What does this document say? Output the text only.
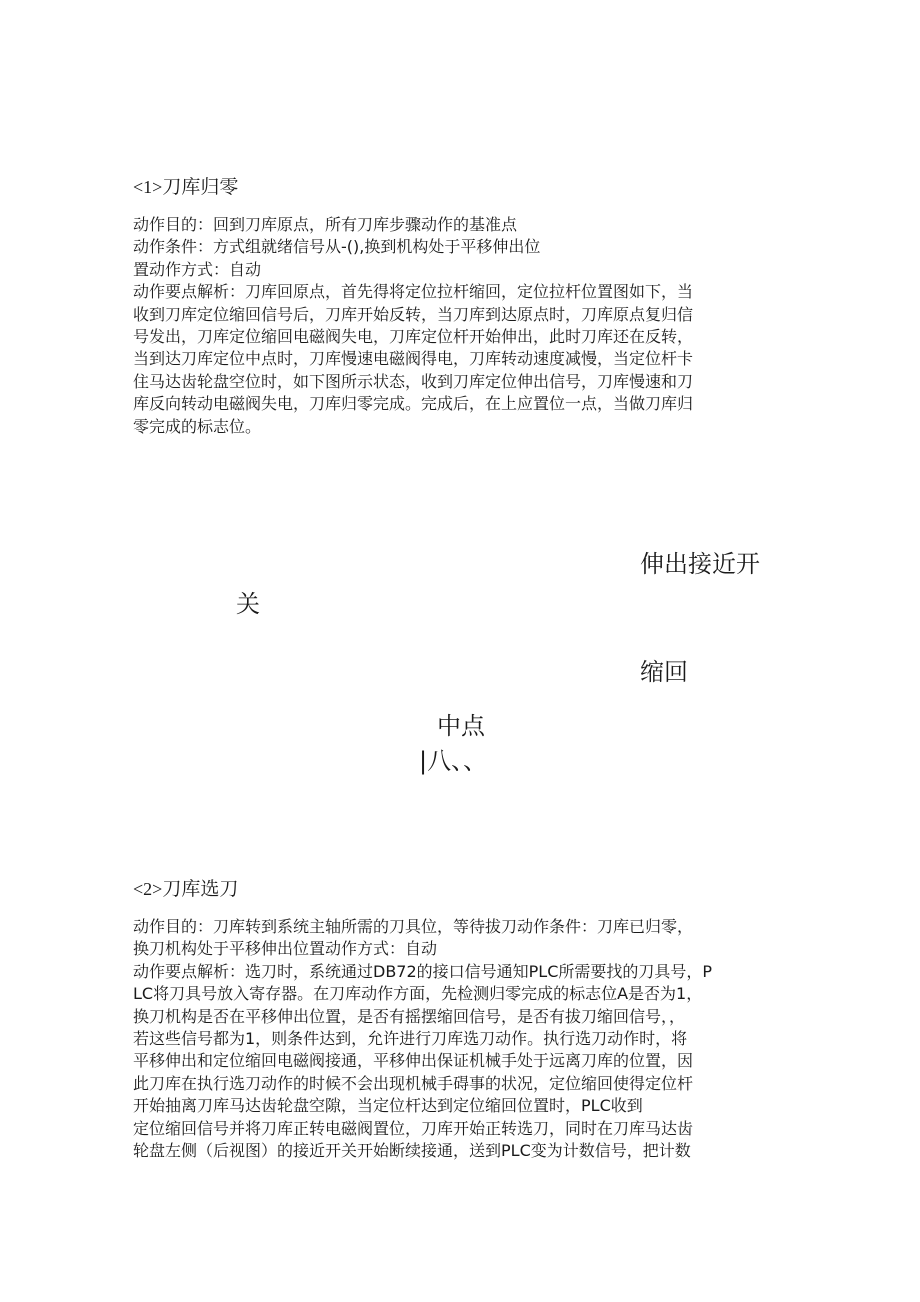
<1>刀库归零
动作目的：回到刀库原点，所有刀库步骤动作的基准点
动作条件：方式组就绪信号从-(),换到机构处于平移伸出位
置动作方式：自动
动作要点解析：刀库回原点，首先得将定位拉杆缩回，定位拉杆位置图如下，当
收到刀库定位缩回信号后，刀库开始反转，当刀库到达原点时，刀库原点复归信
号发出，刀库定位缩回电磁阀失电，刀库定位杆开始伸出，此时刀库还在反转，
当到达刀库定位中点时，刀库慢速电磁阀得电，刀库转动速度减慢，当定位杆卡
住马达齿轮盘空位时，如下图所示状态，收到刀库定位伸出信号，刀库慢速和刀
库反向转动电磁阀失电，刀库归零完成。完成后，在上应置位一点，当做刀库归
零完成的标志位。
伸出接近开
关
缩回
中点
|八、、
<2>刀库选刀
动作目的：刀库转到系统主轴所需的刀具位，等待拔刀动作条件：刀库已归零，
换刀机构处于平移伸出位置动作方式：自动
动作要点解析：选刀时，系统通过DB72的接口信号通知PLC所需要找的刀具号，P
LC将刀具号放入寄存器。在刀库动作方面，先检测归零完成的标志位A是否为1，
换刀机构是否在平移伸出位置，是否有摇摆缩回信号，是否有拔刀缩回信号，，
若这些信号都为1，则条件达到，允许进行刀库选刀动作。执行选刀动作时，将
平移伸出和定位缩回电磁阀接通，平移伸出保证机械手处于远离刀库的位置，因
此刀库在执行选刀动作的时候不会出现机械手碍事的状况，定位缩回使得定位杆
开始抽离刀库马达齿轮盘空隙，当定位杆达到定位缩回位置时，PLC收到
定位缩回信号并将刀库正转电磁阀置位，刀库开始正转选刀，同时在刀库马达齿
轮盘左侧（后视图）的接近开关开始断续接通，送到PLC变为计数信号，把计数
